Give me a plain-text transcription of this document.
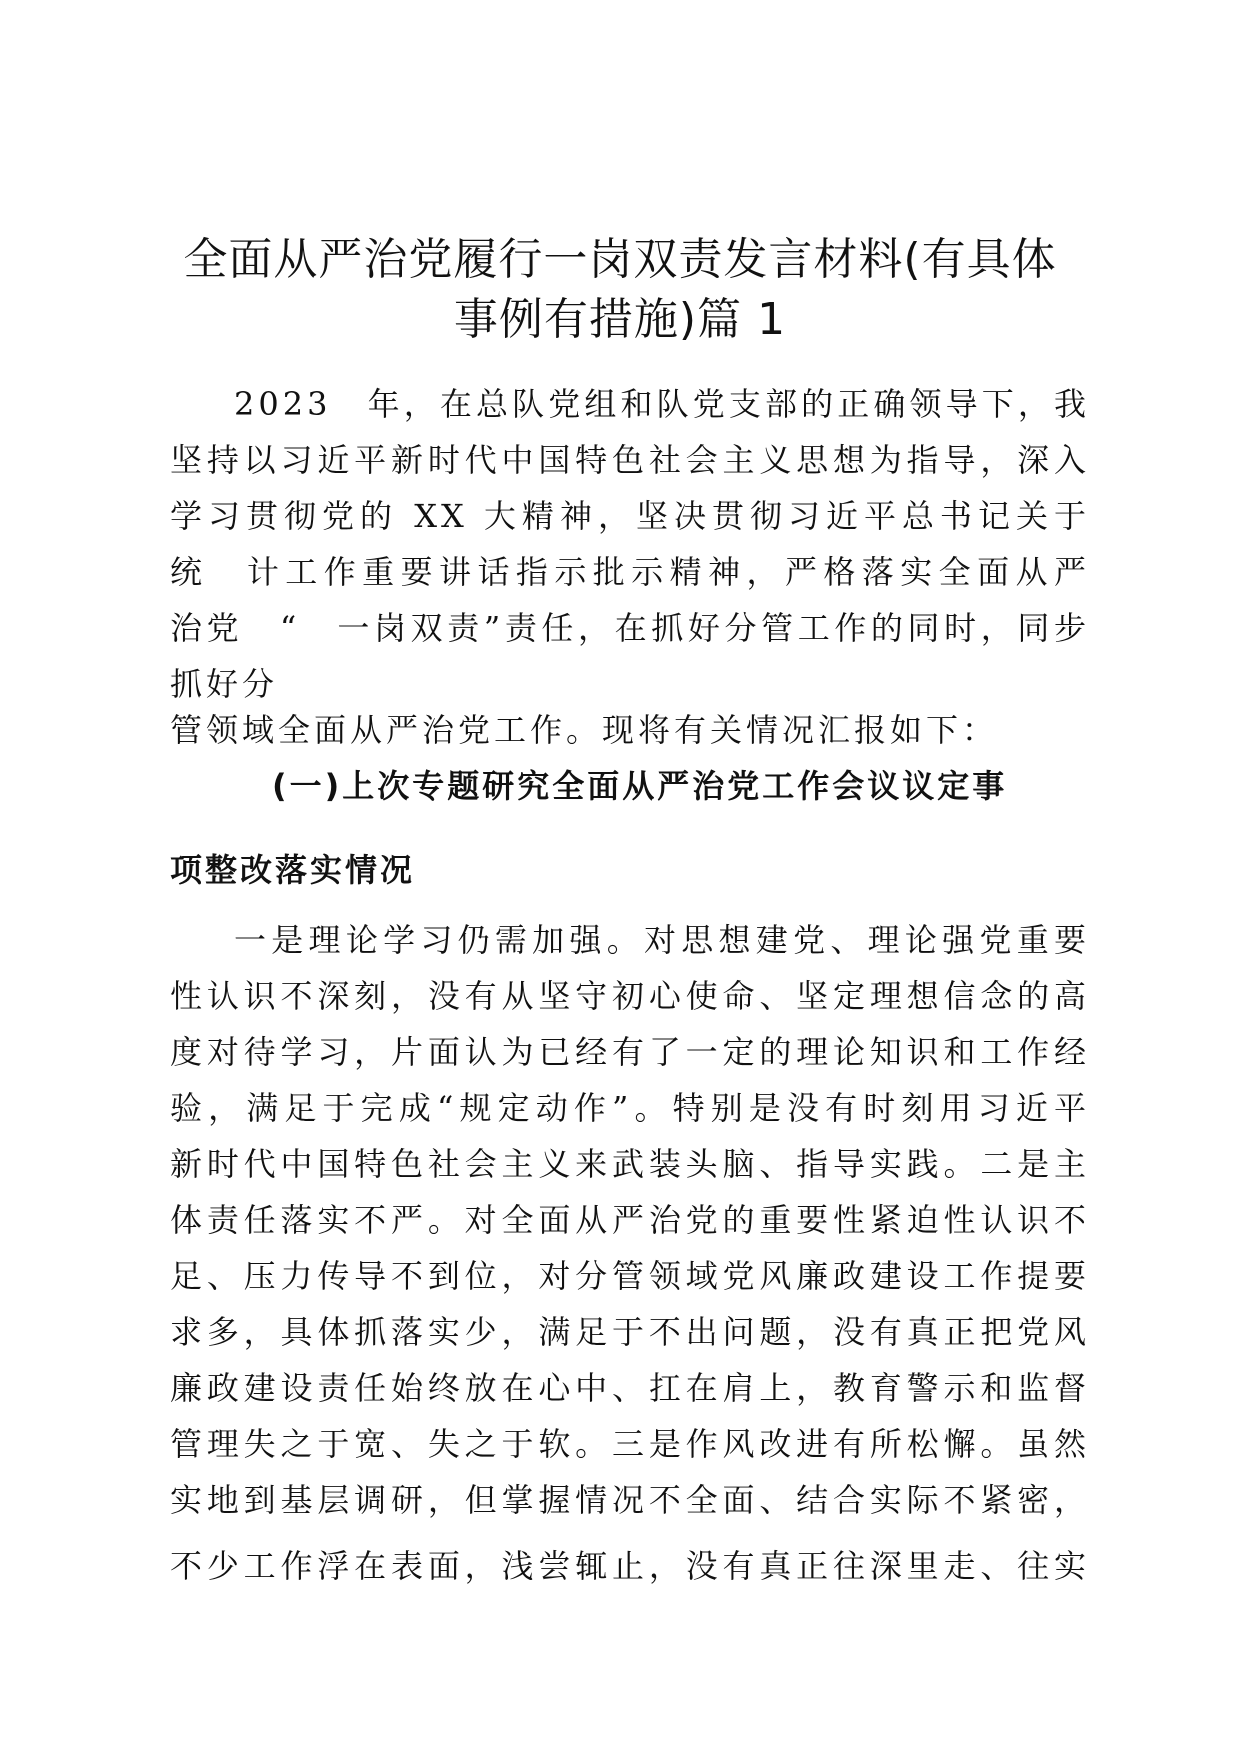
全面从严治党履行一岗双责发言材料(有具体
事例有措施)篇 1
2023　年，在总队党组和队党支部的正确领导下，我
坚持以习近平新时代中国特色社会主义思想为指导，深入
学习贯彻党的 XX 大精神，坚决贯彻习近平总书记关于
统　计工作重要讲话指示批示精神，严格落实全面从严
治党　“　一岗双责”责任，在抓好分管工作的同时，同步
抓好分
管领域全面从严治党工作。现将有关情况汇报如下：
(一)上次专题研究全面从严治党工作会议议定事
项整改落实情况
一是理论学习仍需加强。对思想建党、理论强党重要
性认识不深刻，没有从坚守初心使命、坚定理想信念的高
度对待学习，片面认为已经有了一定的理论知识和工作经
验，满足于完成“规定动作”。特别是没有时刻用习近平
新时代中国特色社会主义来武装头脑、指导实践。二是主
体责任落实不严。对全面从严治党的重要性紧迫性认识不
足、压力传导不到位，对分管领域党风廉政建设工作提要
求多，具体抓落实少，满足于不出问题，没有真正把党风
廉政建设责任始终放在心中、扛在肩上，教育警示和监督
管理失之于宽、失之于软。三是作风改进有所松懈。虽然
实地到基层调研，但掌握情况不全面、结合实际不紧密，
不少工作浮在表面，浅尝辄止，没有真正往深里走、往实
